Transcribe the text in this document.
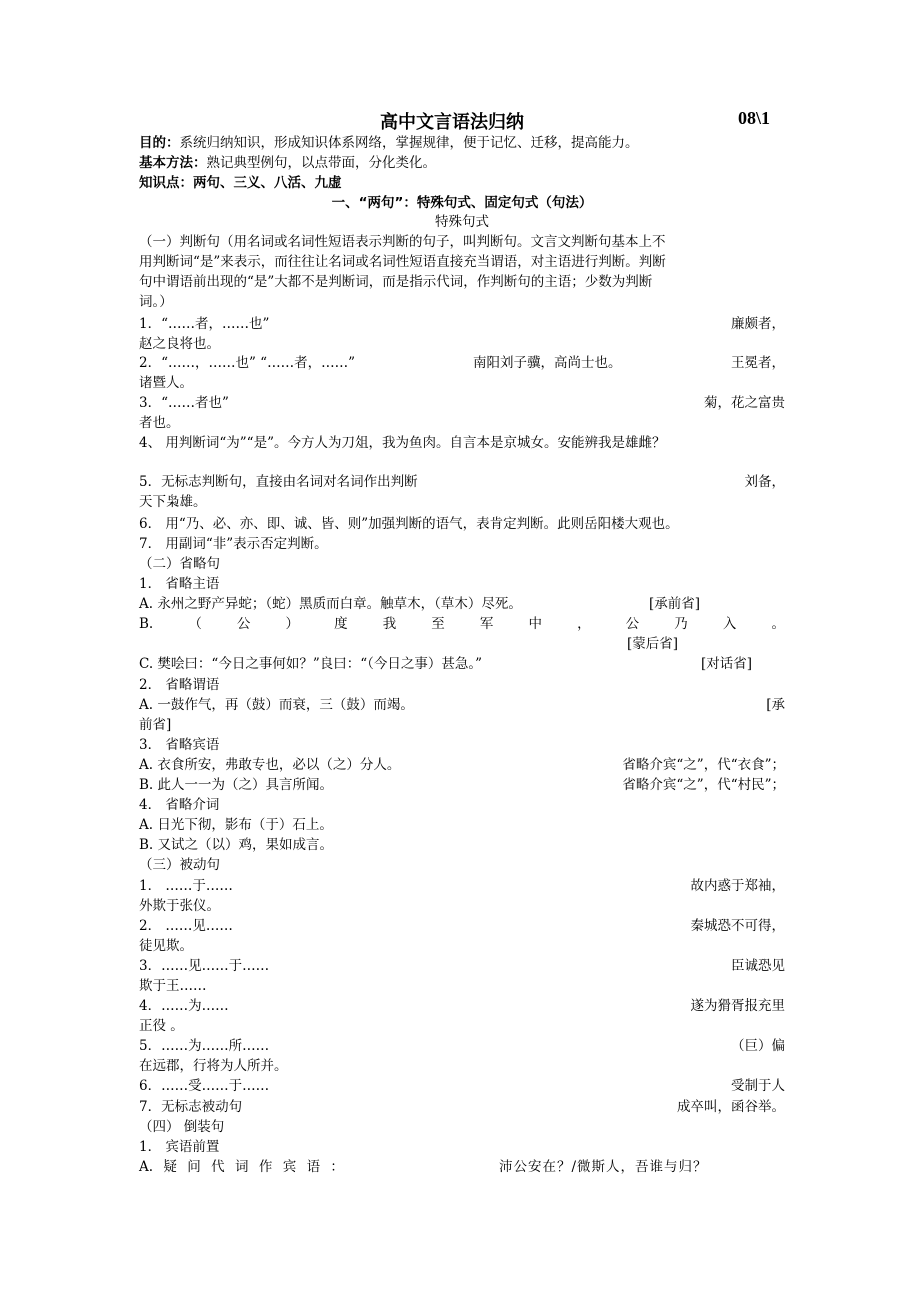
高中文言语法归纳	08\1
目的：系统归纳知识，形成知识体系网络，掌握规律，便于记忆、迁移，提高能力。
基本方法：熟记典型例句，以点带面，分化类化。
知识点：两句、三义、八活、九虚
一、“两句”：特殊句式、固定句式（句法）
特殊句式
（一）判断句（用名词或名词性短语表示判断的句子，叫判断句。文言文判断句基本上不
用判断词“是”来表示，而往往让名词或名词性短语直接充当谓语，对主语进行判断。判断
句中谓语前出现的“是”大都不是判断词，而是指示代词，作判断句的主语；少数为判断
词。）
1．“……者，……也”	廉颇者，
赵之良将也。
2．“……，……也” “……者，……”	南阳刘子骥，高尚士也。	王冕者，
诸暨人。
3．“……者也”	菊，花之富贵
者也。
4、 用判断词“为”“是”。今方人为刀俎，我为鱼肉。自言本是京城女。安能辨我是雄雌？
5．无标志判断句，直接由名词对名词作出判断	刘备，
天下枭雄。
6． 用“乃、必、亦、即、诚、皆、则”加强判断的语气，表肯定判断。此则岳阳楼大观也。
7． 用副词“非”表示否定判断。
（二）省略句
1． 省略主语
A. 永州之野产异蛇；（蛇）黑质而白章。触草木，（草木）尽死。	[承前省]
B.	（	公	）	度	我	至	军	中	，	公	乃	入	。
[蒙后省]
C. 樊哙曰：“今日之事何如？”良曰：“（今日之事）甚急。”	[对话省]
2． 省略谓语
A. 一鼓作气，再（鼓）而衰，三（鼓）而竭。	[承
前省]
3． 省略宾语
A. 衣食所安，弗敢专也，必以（之）分人。	省略介宾“之”，代“衣食”；
B. 此人一一为（之）具言所闻。	省略介宾“之”，代“村民”；
4． 省略介词
A. 日光下彻，影布（于）石上。
B. 又试之（以）鸡，果如成言。
（三）被动句
1． ……于……	故内惑于郑袖，
外欺于张仪。
2． ……见……	秦城恐不可得，
徒见欺。
3．……见……于……	臣诚恐见
欺于王……
4．……为……	遂为猾胥报充里
正役 。
5．……为……所……	（巨）偏
在远郡，行将为人所并。
6．……受……于……	受制于人
7．无标志被动句	成卒叫，函谷举。
（四） 倒装句
1． 宾语前置
A. 疑 问 代 词 作 宾 语 ：	沛公安在？/微斯人，吾谁与归？
